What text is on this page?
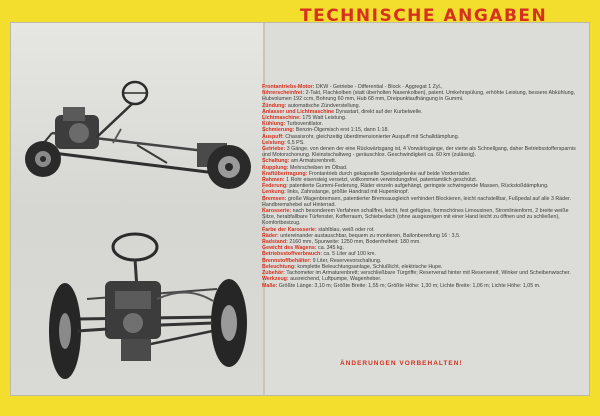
TECHNISCHE ANGABEN

Frontantriebs-Motor: DKW - Getriebe - Differential - Block - Aggregat 1 Zyl.,

führerscheinfrei: 2-Takt, Flachkolben (statt überholten Nasenkolben), patent. Umkehrspülung, erhöhte Leistung, bessere Abkühlung, Hubvolumen 192 ccm, Bohrung 60 mm, Hub 68 mm, Dreipunktaufhängung in Gummi.

Zündung: automatische Zündverstellung.

Anlasser und Lichtmaschine Dynastart, direkt auf der Kurbelwelle.

Lichtmaschine: 175 Watt Leistung.

Kühlung: Turboventilator.

Schmierung: Benzin-Ölgemisch erst 1:15, dann 1:18.

Auspuff: Chassisrohr, gleichzeitig überdimensionierter Auspuff mit Schalldämpfung.

Leistung: 6,5 PS.

Getriebe: 3 Gänge, von denen der eine Rückwärtsgang ist, 4 Vorwärtsgänge, der vierte als Schnellgang, daher Betriebsstoffersparnis und Motorschonung. Kleinstschaltweg - geräuschlos. Geschwindigkeit ca. 60 km (zulässig).

Schaltung: am Armaturenbrett.

Kupplung: Mehrscheiben im Ölbad.

Kraftübertragung: Frontantrieb durch gekapselte Spezialgelenke auf beide Vorderräder.

Rahmen: 1 Rohr eisensteig versetzt, vollkommen verwindungsfrei, patentamtlich geschützt.

Federung: patentierte Gummi-Federung, Räder einzeln aufgehängt, geringste schwingende Massen, Rückstoßdämpfung.

Lenkung: links, Zahnstange, größte Handrad mit Hupenknopf.

Bremsen: große Wagenbremsen, patentierter Bremsausgleich verhindert Blockieren, leicht nachstellbar, Fußpedal auf alle 3 Räder. Handbremshebel auf Hinterrad.

Karosserie: nach besonderem Verfahren schallfrei, leicht, fest gefügtes, formschönes Limousinen, Stromlinienform, 2 breite weiße Sitze, herabfallbare Türfenster, Kofferraum, Schiebedach (ohne ausgezeigen mit einer Hand leicht zu öffnen und zu schließen), Komfortbestzug.

Farbe der Karosserie: stahlblau, weiß oder rot.

Räder: untereinander austauschbar, bequem zu montieren, Ballonbereifung 16 : 3,5.

Radstand: 2160 mm, Spurweite: 1250 mm, Bodenfreiheit: 180 mm.

Gewicht des Wagens: ca. 345 kg.

Betriebsstoffverbrauch: ca. 5 Liter auf 100 km.

Brennstoffbehälter: 9 Liter, Reservevorschaltung.

Beleuchtung: komplette Beleuchtungsanlage, Schlußlicht, elektrische Hupe.

Zubehör: Tachometer im Armaturenbrett; verschließbare Türgriffe; Reserverad hinter mit Reservereif, Winker und Scheibenwischer.

Werkzeug: ausreichend, Luftpumpe, Wagenheber.

Maße: Größte Länge: 3,10 m; Größte Breite: 1,55 m; Größte Höhe: 1,30 m; Lichte Breite: 1,06 m; Lichte Höhe: 1,05 m.

ÄNDERUNGEN VORBEHALTEN!
